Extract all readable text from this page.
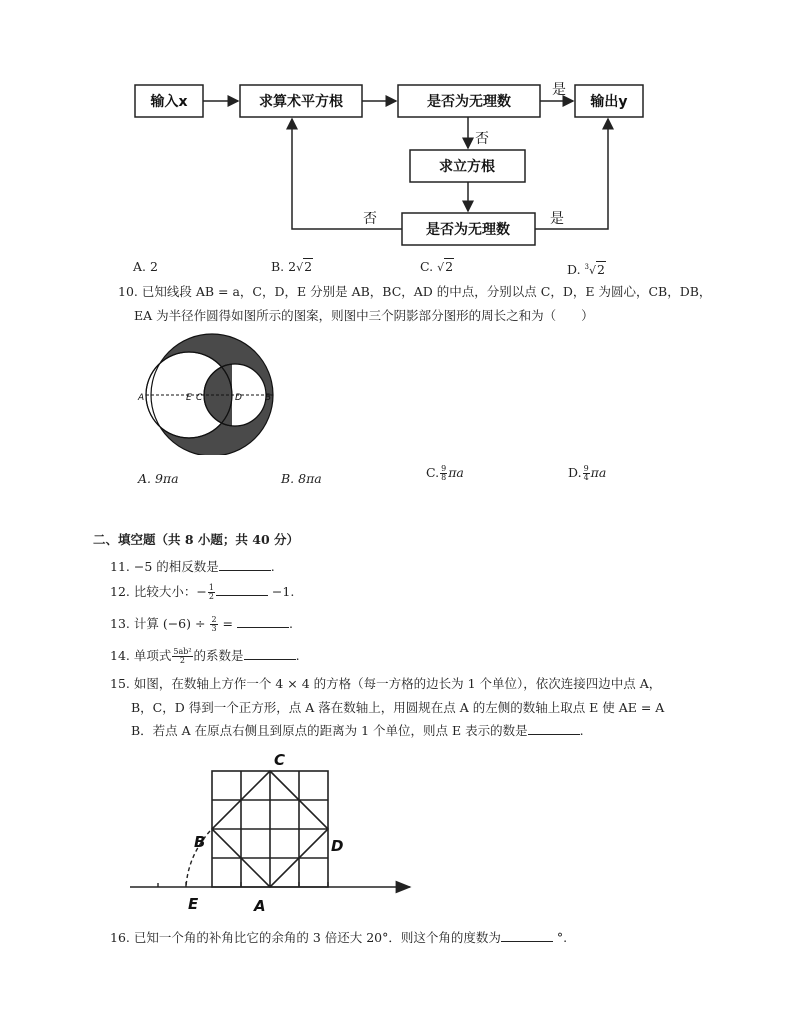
输入x	求算术平方根	是否为无理数	输出y
求立方根
是否为无理数
是
否
否	是
A. 2	B. 2√2	C. √2	D. $^3$√2
10. 已知线段 AB = a，C，D，E 分别是 AB，BC，AD 的中点，分别以点 C，D，E 为圆心，CB，DB，
EA 为半径作圆得如图所示的图案，则图中三个阴影部分图形的周长之和为（　　）
A	E C	D	B
A. 9πa	B. 8πa	C. $\frac{9}{8}$ πa	D. $\frac{9}{4}$ πa
二、填空题（共 8 小题；共 40 分）
11. −5 的相反数是	.
12. 比较大小：− $\frac{1}{2}$	−1.
13. 计算 $(-6) \div \frac{2}{3}$ =	.
14. 单项式 $\frac{\text{5ab²}}{2}$ 的系数是	.
15. 如图，在数轴上方作一个 4 × 4 的方格（每一方格的边长为 1 个单位），依次连接四边中点 A，
B，C，D 得到一个正方形，点 A 落在数轴上，用圆规在点 A 的左侧的数轴上取点 E 使 AE = A
B．若点 A 在原点右侧且到原点的距离为 1 个单位，则点 E 表示的数是	.
C
B	D
E	A
16. 已知一个角的补角比它的余角的 3 倍还大 20°．则这个角的度数为	°.
